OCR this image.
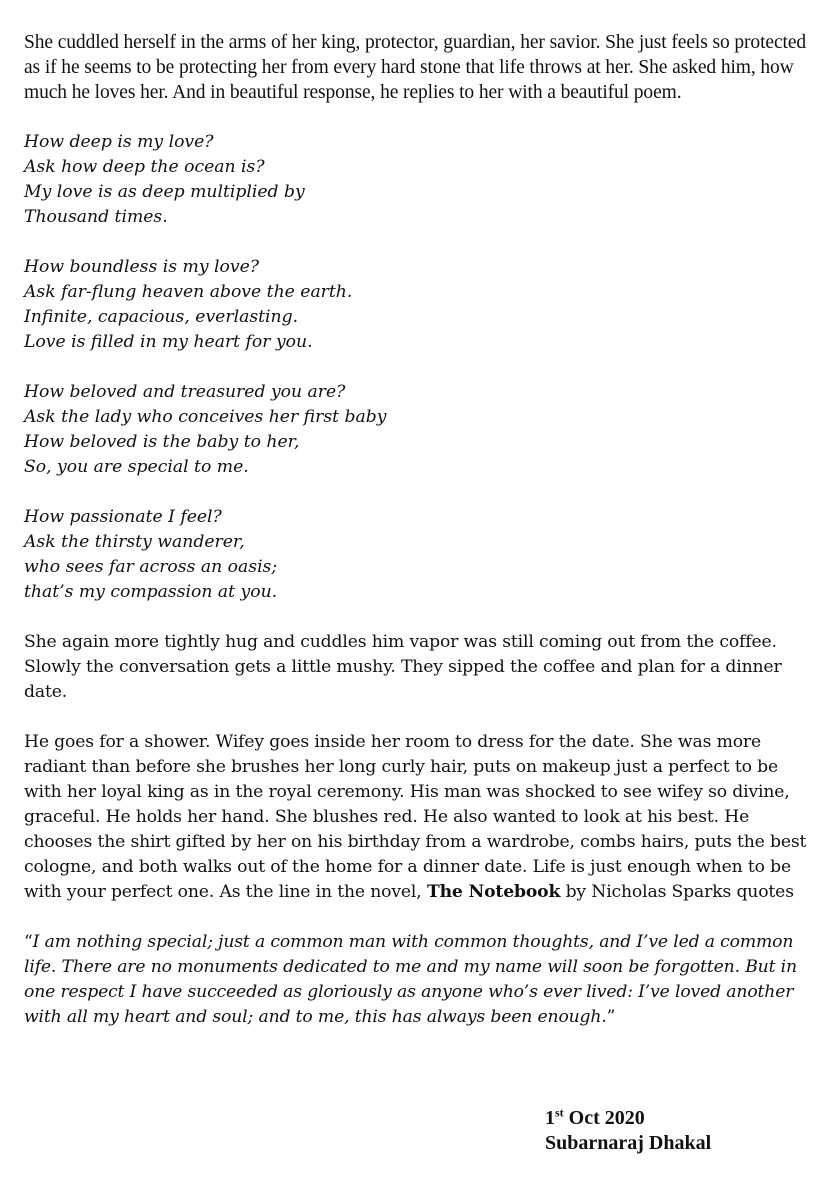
She cuddled herself in the arms of her king, protector, guardian, her savior. She just feels so protected as if he seems to be protecting her from every hard stone that life throws at her. She asked him, how much he loves her. And in beautiful response, he replies to her with a beautiful poem.

How deep is my love?
Ask how deep the ocean is?
My love is as deep multiplied by
Thousand times.
How boundless is my love?
Ask far-flung heaven above the earth.
Infinite, capacious, everlasting.
Love is filled in my heart for you.
How beloved and treasured you are?
Ask the lady who conceives her first baby
How beloved is the baby to her,
So, you are special to me.
How passionate I feel?
Ask the thirsty wanderer,
who sees far across an oasis;
that’s my compassion at you.

She again more tightly hug and cuddles him vapor was still coming out from the coffee. Slowly the conversation gets a little mushy. They sipped the coffee and plan for a dinner date.

He goes for a shower. Wifey goes inside her room to dress for the date. She was more radiant than before she brushes her long curly hair, puts on makeup just a perfect to be with her loyal king as in the royal ceremony. His man was shocked to see wifey so divine, graceful. He holds her hand. She blushes red. He also wanted to look at his best. He chooses the shirt gifted by her on his birthday from a wardrobe, combs hairs, puts the best cologne, and both walks out of the home for a dinner date. Life is just enough when to be with your perfect one. As the line in the novel, The Notebook by Nicholas Sparks quotes

“I am nothing special; just a common man with common thoughts, and I’ve led a common life. There are no monuments dedicated to me and my name will soon be forgotten. But in one respect I have succeeded as gloriously as anyone who’s ever lived: I’ve loved another with all my heart and soul; and to me, this has always been enough.”

1st Oct 2020
Subarnaraj Dhakal
